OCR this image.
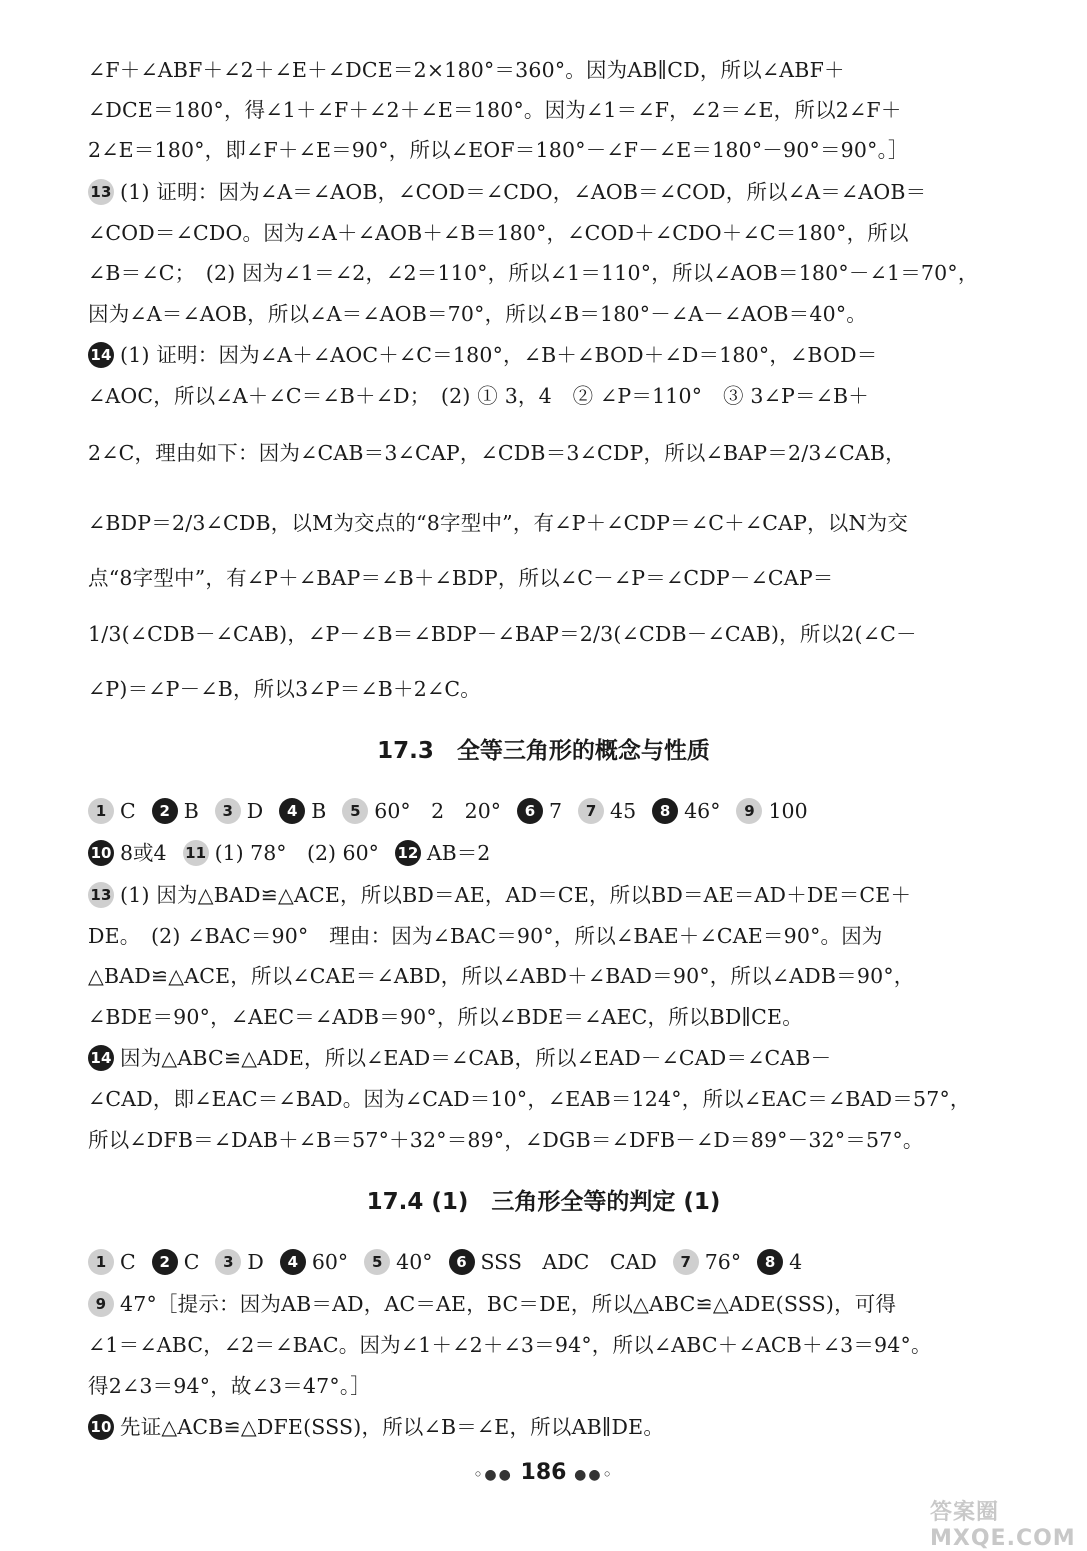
∠F＋∠ABF＋∠2＋∠E＋∠DCE＝2×180°＝360°。因为AB∥CD，所以∠ABF＋
∠DCE＝180°，得∠1＋∠F＋∠2＋∠E＝180°。因为∠1＝∠F，∠2＝∠E，所以2∠F＋
2∠E＝180°，即∠F＋∠E＝90°，所以∠EOF＝180°－∠F－∠E＝180°－90°＝90°。］
13 (1) 证明：因为∠A＝∠AOB，∠COD＝∠CDO，∠AOB＝∠COD，所以∠A＝∠AOB＝
∠COD＝∠CDO。因为∠A＋∠AOB＋∠B＝180°，∠COD＋∠CDO＋∠C＝180°，所以
∠B＝∠C；　(2) 因为∠1＝∠2，∠2＝110°，所以∠1＝110°，所以∠AOB＝180°－∠1＝70°，
因为∠A＝∠AOB，所以∠A＝∠AOB＝70°，所以∠B＝180°－∠A－∠AOB＝40°。
14 (1) 证明：因为∠A＋∠AOC＋∠C＝180°，∠B＋∠BOD＋∠D＝180°，∠BOD＝
∠AOC，所以∠A＋∠C＝∠B＋∠D；　(2) ① 3，4　② ∠P＝110°　③ 3∠P＝∠B＋
2∠C，理由如下：因为∠CAB＝3∠CAP，∠CDB＝3∠CDP，所以∠BAP＝2/3∠CAB，
∠BDP＝2/3∠CDB，以M为交点的“8字型中”，有∠P＋∠CDP＝∠C＋∠CAP，以N为交
点“8字型中”，有∠P＋∠BAP＝∠B＋∠BDP，所以∠C－∠P＝∠CDP－∠CAP＝
1/3(∠CDB－∠CAB)，∠P－∠B＝∠BDP－∠BAP＝2/3(∠CDB－∠CAB)，所以2(∠C－
∠P)＝∠P－∠B，所以3∠P＝∠B＋2∠C。
17.3　全等三角形的概念与性质
1 C 2 B 3 D 4 B 5 60°　2　20° 6 7 7 45 8 46° 9 100
10 8或4 11 (1) 78°　(2) 60° 12 AB＝2
13 (1) 因为△BAD≌△ACE，所以BD＝AE，AD＝CE，所以BD＝AE＝AD＋DE＝CE＋
DE。　(2) ∠BAC＝90°　理由：因为∠BAC＝90°，所以∠BAE＋∠CAE＝90°。因为
△BAD≌△ACE，所以∠CAE＝∠ABD，所以∠ABD＋∠BAD＝90°，所以∠ADB＝90°，
∠BDE＝90°，∠AEC＝∠ADB＝90°，所以∠BDE＝∠AEC，所以BD∥CE。
14 因为△ABC≌△ADE，所以∠EAD＝∠CAB，所以∠EAD－∠CAD＝∠CAB－
∠CAD，即∠EAC＝∠BAD。因为∠CAD＝10°，∠EAB＝124°，所以∠EAC＝∠BAD＝57°，
所以∠DFB＝∠DAB＋∠B＝57°＋32°＝89°，∠DGB＝∠DFB－∠D＝89°－32°＝57°。
17.4 (1)　三角形全等的判定 (1)
1 C 2 C 3 D 4 60° 5 40° 6 SSS　ADC　CAD 7 76° 8 4
9 47°［提示：因为AB＝AD，AC＝AE，BC＝DE，所以△ABC≌△ADE(SSS)，可得
∠1＝∠ABC，∠2＝∠BAC。因为∠1＋∠2＋∠3＝94°，所以∠ABC＋∠ACB＋∠3＝94°。
得2∠3＝94°，故∠3＝47°。］
10 先证△ACB≌△DFE(SSS)，所以∠B＝∠E，所以AB∥DE。
◦●● 186 ●●◦
答案圈 MXQE.COM
